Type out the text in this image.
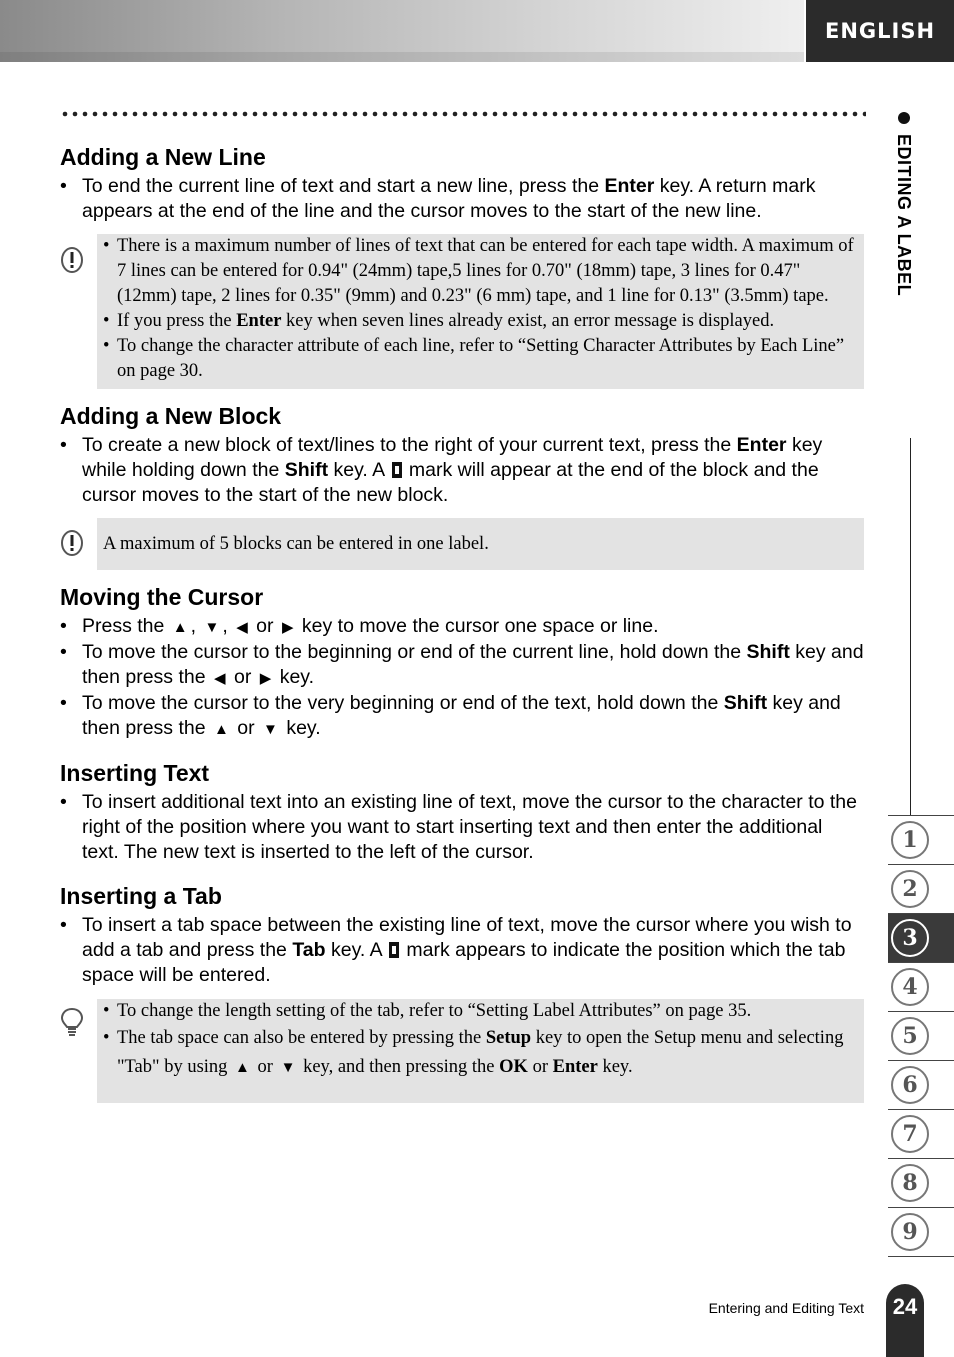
ENGLISH
EDITING A LABEL
1
2
3
4
5
6
7
8
9
Adding a New Line
• To end the current line of text and start a new line, press the Enter key. A return mark appears at the end of the line and the cursor moves to the start of the new line.
• There is a maximum number of lines of text that can be entered for each tape width. A maximum of 7 lines can be entered for 0.94" (24mm) tape,5 lines for 0.70" (18mm) tape, 3 lines for 0.47" (12mm) tape, 2 lines for 0.35" (9mm) and 0.23" (6 mm) tape, and 1 line for 0.13" (3.5mm) tape.
• If you press the Enter key when seven lines already exist, an error message is displayed.
• To change the character attribute of each line, refer to “Setting Character Attributes by Each Line” on page 30.
Adding a New Block
• To create a new block of text/lines to the right of your current text, press the Enter key while holding down the Shift key. A  mark will appear at the end of the block and the cursor moves to the start of the new block.
A maximum of 5 blocks can be entered in one label.
Moving the Cursor
• Press the ▲ , ▼ , ◀ or ▶ key to move the cursor one space or line.
• To move the cursor to the beginning or end of the current line, hold down the Shift key and then press the ◀ or ▶ key.
• To move the cursor to the very beginning or end of the text, hold down the Shift key and then press the ▲ or ▼ key.
Inserting Text
• To insert additional text into an existing line of text, move the cursor to the character to the right of the position where you want to start inserting text and then enter the additional text. The new text is inserted to the left of the cursor.
Inserting a Tab
• To insert a tab space between the existing line of text, move the cursor where you wish to add a tab and press the Tab key. A  mark appears to indicate the position which the tab space will be entered.
• To change the length setting of the tab, refer to “Setting Label Attributes” on page 35.
• The tab space can also be entered by pressing the Setup key to open the Setup menu and selecting "Tab" by using ▲ or ▼ key, and then pressing the OK or Enter key.
Entering and Editing Text	24
